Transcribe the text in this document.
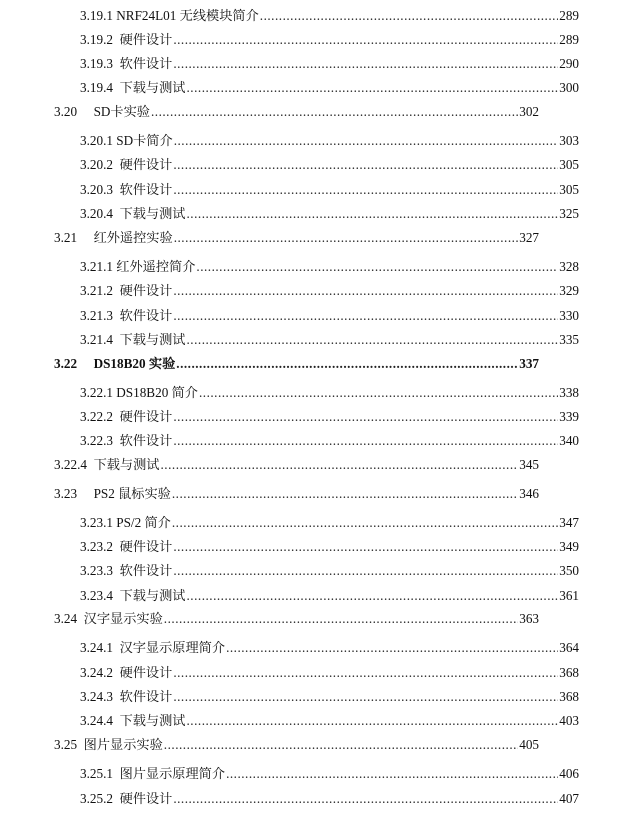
3.19.1 NRF24L01 无线模块简介 .....	289
3.19.2 硬件设计 .....	289
3.19.3 软件设计 .....	290
3.19.4 下载与测试 .....	300
3.20 SD卡实验 .....	302
3.20.1 SD卡简介 .....	303
3.20.2 硬件设计 .....	305
3.20.3 软件设计 .....	305
3.20.4 下载与测试 .....	325
3.21 红外遥控实验 .....	327
3.21.1 红外遥控简介 .....	328
3.21.2 硬件设计 .....	329
3.21.3 软件设计 .....	330
3.21.4 下载与测试 .....	335
3.22 DS18B20 实验 .....	337
3.22.1 DS18B20 简介 .....	338
3.22.2 硬件设计 .....	339
3.22.3 软件设计 .....	340
3.22.4 下载与测试 .....	345
3.23 PS2 鼠标实验 .....	346
3.23.1 PS/2 简介 .....	347
3.23.2 硬件设计 .....	349
3.23.3 软件设计 .....	350
3.23.4 下载与测试 .....	361
3.24 汉字显示实验 .....	363
3.24.1 汉字显示原理简介 .....	364
3.24.2 硬件设计 .....	368
3.24.3 软件设计 .....	368
3.24.4 下载与测试 .....	403
3.25 图片显示实验 .....	405
3.25.1 图片显示原理简介 .....	406
3.25.2 硬件设计 .....	407
